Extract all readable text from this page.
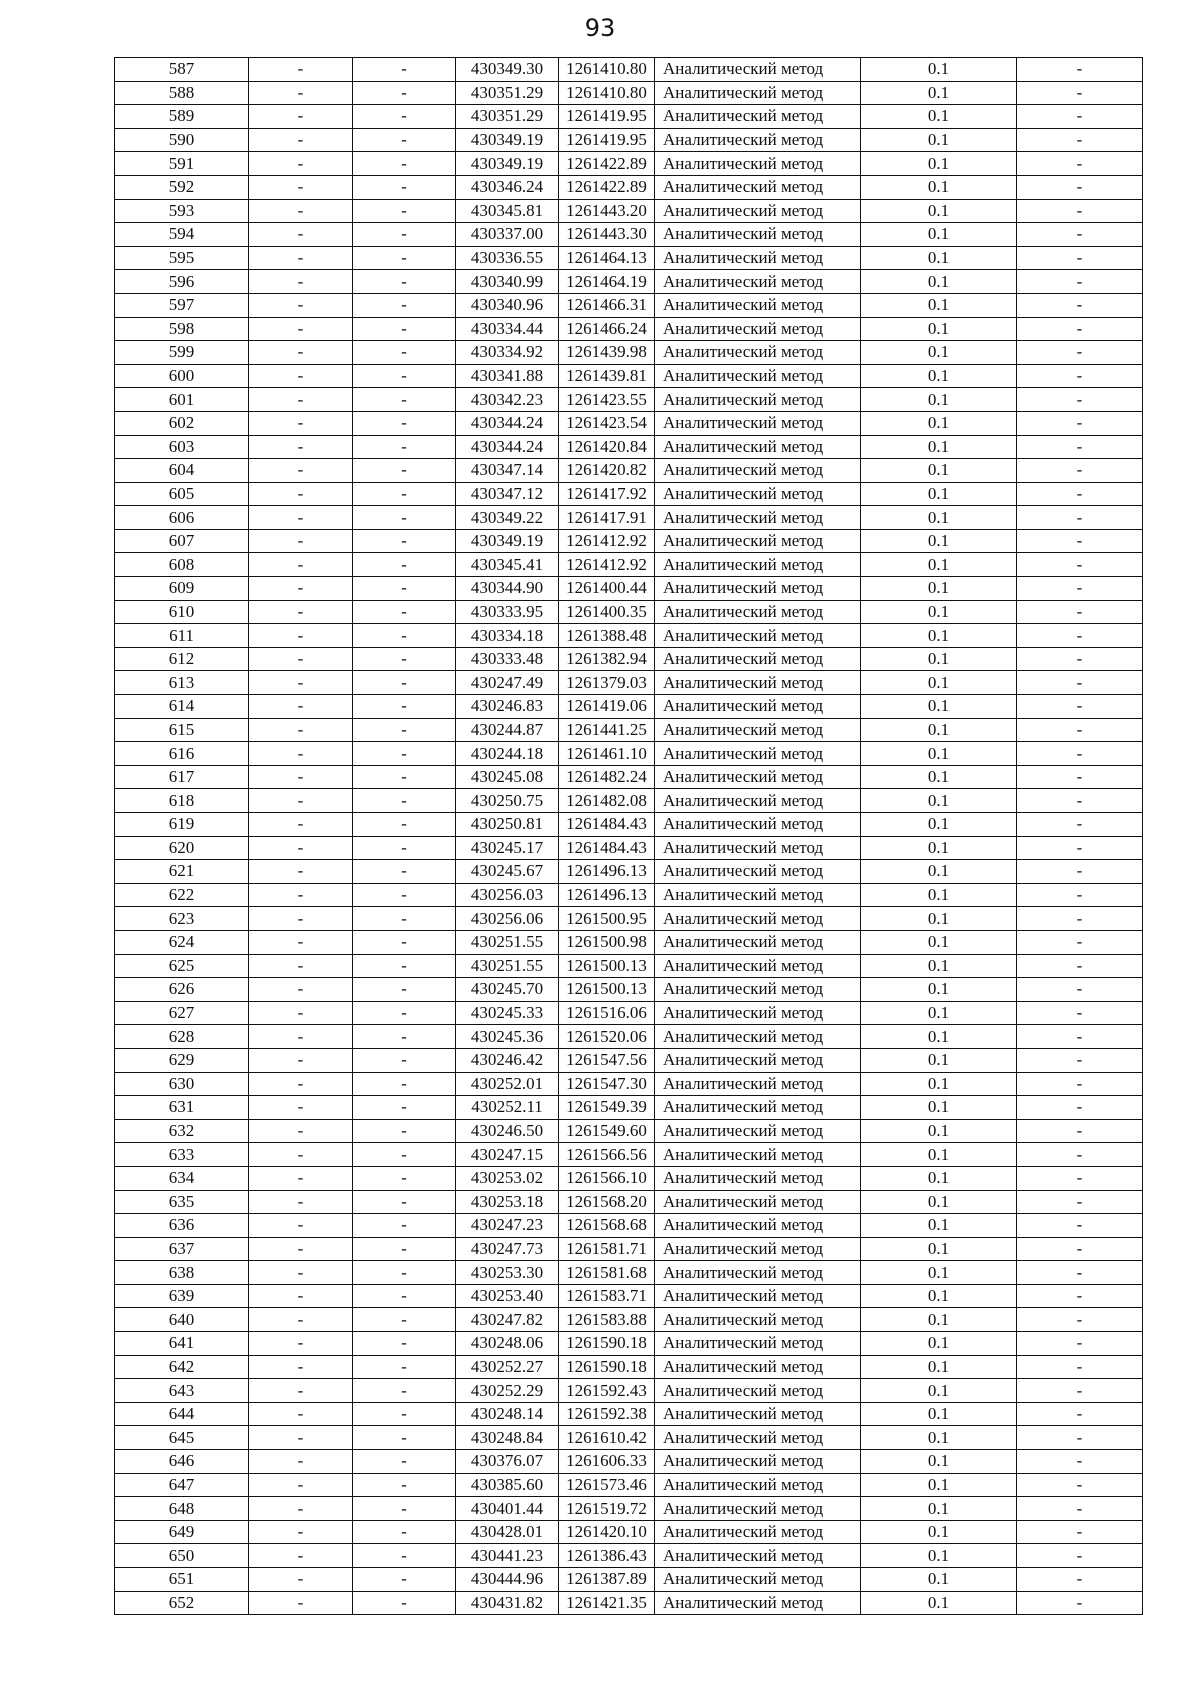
93
587	-	-	430349.30	1261410.80	Аналитический метод	0.1	-
588	-	-	430351.29	1261410.80	Аналитический метод	0.1	-
589	-	-	430351.29	1261419.95	Аналитический метод	0.1	-
590	-	-	430349.19	1261419.95	Аналитический метод	0.1	-
591	-	-	430349.19	1261422.89	Аналитический метод	0.1	-
592	-	-	430346.24	1261422.89	Аналитический метод	0.1	-
593	-	-	430345.81	1261443.20	Аналитический метод	0.1	-
594	-	-	430337.00	1261443.30	Аналитический метод	0.1	-
595	-	-	430336.55	1261464.13	Аналитический метод	0.1	-
596	-	-	430340.99	1261464.19	Аналитический метод	0.1	-
597	-	-	430340.96	1261466.31	Аналитический метод	0.1	-
598	-	-	430334.44	1261466.24	Аналитический метод	0.1	-
599	-	-	430334.92	1261439.98	Аналитический метод	0.1	-
600	-	-	430341.88	1261439.81	Аналитический метод	0.1	-
601	-	-	430342.23	1261423.55	Аналитический метод	0.1	-
602	-	-	430344.24	1261423.54	Аналитический метод	0.1	-
603	-	-	430344.24	1261420.84	Аналитический метод	0.1	-
604	-	-	430347.14	1261420.82	Аналитический метод	0.1	-
605	-	-	430347.12	1261417.92	Аналитический метод	0.1	-
606	-	-	430349.22	1261417.91	Аналитический метод	0.1	-
607	-	-	430349.19	1261412.92	Аналитический метод	0.1	-
608	-	-	430345.41	1261412.92	Аналитический метод	0.1	-
609	-	-	430344.90	1261400.44	Аналитический метод	0.1	-
610	-	-	430333.95	1261400.35	Аналитический метод	0.1	-
611	-	-	430334.18	1261388.48	Аналитический метод	0.1	-
612	-	-	430333.48	1261382.94	Аналитический метод	0.1	-
613	-	-	430247.49	1261379.03	Аналитический метод	0.1	-
614	-	-	430246.83	1261419.06	Аналитический метод	0.1	-
615	-	-	430244.87	1261441.25	Аналитический метод	0.1	-
616	-	-	430244.18	1261461.10	Аналитический метод	0.1	-
617	-	-	430245.08	1261482.24	Аналитический метод	0.1	-
618	-	-	430250.75	1261482.08	Аналитический метод	0.1	-
619	-	-	430250.81	1261484.43	Аналитический метод	0.1	-
620	-	-	430245.17	1261484.43	Аналитический метод	0.1	-
621	-	-	430245.67	1261496.13	Аналитический метод	0.1	-
622	-	-	430256.03	1261496.13	Аналитический метод	0.1	-
623	-	-	430256.06	1261500.95	Аналитический метод	0.1	-
624	-	-	430251.55	1261500.98	Аналитический метод	0.1	-
625	-	-	430251.55	1261500.13	Аналитический метод	0.1	-
626	-	-	430245.70	1261500.13	Аналитический метод	0.1	-
627	-	-	430245.33	1261516.06	Аналитический метод	0.1	-
628	-	-	430245.36	1261520.06	Аналитический метод	0.1	-
629	-	-	430246.42	1261547.56	Аналитический метод	0.1	-
630	-	-	430252.01	1261547.30	Аналитический метод	0.1	-
631	-	-	430252.11	1261549.39	Аналитический метод	0.1	-
632	-	-	430246.50	1261549.60	Аналитический метод	0.1	-
633	-	-	430247.15	1261566.56	Аналитический метод	0.1	-
634	-	-	430253.02	1261566.10	Аналитический метод	0.1	-
635	-	-	430253.18	1261568.20	Аналитический метод	0.1	-
636	-	-	430247.23	1261568.68	Аналитический метод	0.1	-
637	-	-	430247.73	1261581.71	Аналитический метод	0.1	-
638	-	-	430253.30	1261581.68	Аналитический метод	0.1	-
639	-	-	430253.40	1261583.71	Аналитический метод	0.1	-
640	-	-	430247.82	1261583.88	Аналитический метод	0.1	-
641	-	-	430248.06	1261590.18	Аналитический метод	0.1	-
642	-	-	430252.27	1261590.18	Аналитический метод	0.1	-
643	-	-	430252.29	1261592.43	Аналитический метод	0.1	-
644	-	-	430248.14	1261592.38	Аналитический метод	0.1	-
645	-	-	430248.84	1261610.42	Аналитический метод	0.1	-
646	-	-	430376.07	1261606.33	Аналитический метод	0.1	-
647	-	-	430385.60	1261573.46	Аналитический метод	0.1	-
648	-	-	430401.44	1261519.72	Аналитический метод	0.1	-
649	-	-	430428.01	1261420.10	Аналитический метод	0.1	-
650	-	-	430441.23	1261386.43	Аналитический метод	0.1	-
651	-	-	430444.96	1261387.89	Аналитический метод	0.1	-
652	-	-	430431.82	1261421.35	Аналитический метод	0.1	-
